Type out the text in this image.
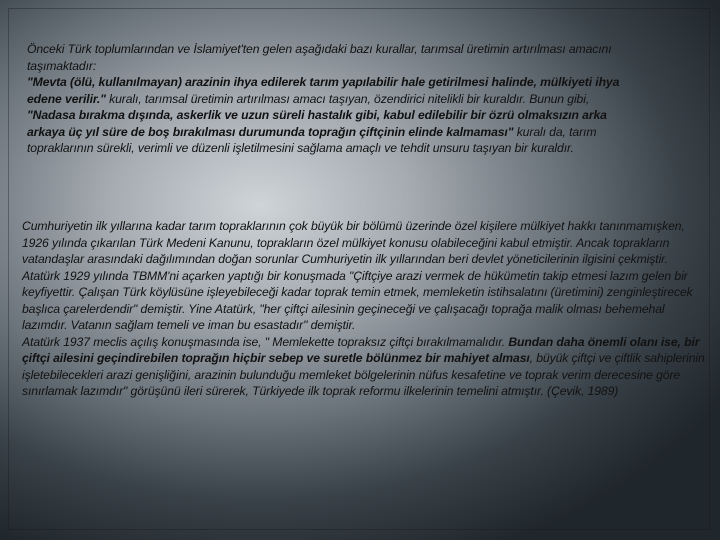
Önceki Türk toplumlarından ve İslamiyet'ten gelen aşağıdaki bazı kurallar, tarımsal üretimin artırılması amacını taşımaktadır:
"Mevta (ölü, kullanılmayan) arazinin ihya edilerek tarım yapılabilir hale getirilmesi halinde, mülkiyeti ihya edene verilir." kuralı, tarımsal üretimin artırılması amacı taşıyan, özendirici nitelikli bir kuraldır. Bunun gibi, "Nadasa bırakma dışında, askerlik ve uzun süreli hastalık gibi, kabul edilebilir bir özrü olmaksızın arka arkaya üç yıl süre de boş bırakılması durumunda toprağın çiftçinin elinde kalmaması" kuralı da, tarım topraklarının sürekli, verimli ve düzenli işletilmesini sağlama amaçlı ve tehdit unsuru taşıyan bir kuraldır.

Cumhuriyetin ilk yıllarına kadar tarım topraklarının çok büyük bir bölümü üzerinde özel kişilere mülkiyet hakkı tanınmamışken, 1926 yılında çıkarılan Türk Medeni Kanunu, toprakların özel mülkiyet konusu olabileceğini kabul etmiştir. Ancak toprakların vatandaşlar arasındaki dağılımından doğan sorunlar Cumhuriyetin ilk yıllarından beri devlet yöneticilerinin ilgisini çekmiştir.
Atatürk 1929 yılında TBMM'ni açarken yaptığı bir konuşmada "Çiftçiye arazi vermek de hükümetin takip etmesi lazım gelen bir keyfiyettir. Çalışan Türk köylüsüne işleyebileceği kadar toprak temin etmek, memleketin istihsalatını (üretimini) zenginleştirecek başlıca çarelerdendir" demiştir. Yine Atatürk, "her çiftçi ailesinin geçineceği ve çalışacağı toprağa malik olması behemehal lazımdır. Vatanın sağlam temeli ve iman bu esastadır" demiştir.
Atatürk 1937 meclis açılış konuşmasında ise, " Memlekette topraksız çiftçi bırakılmamalıdır. Bundan daha önemli olanı ise, bir çiftçi ailesini geçindirebilen toprağın hiçbir sebep ve suretle bölünmez bir mahiyet alması, büyük çiftçi ve çiftlik sahiplerinin işletebilecekleri arazi genişliğini, arazinin bulunduğu memleket bölgelerinin nüfus kesafetine ve toprak verim derecesine göre sınırlamak lazımdır" görüşünü ileri sürerek, Türkiyede ilk toprak reformu ilkelerinin temelini atmıştır. (Çevik, 1989)
